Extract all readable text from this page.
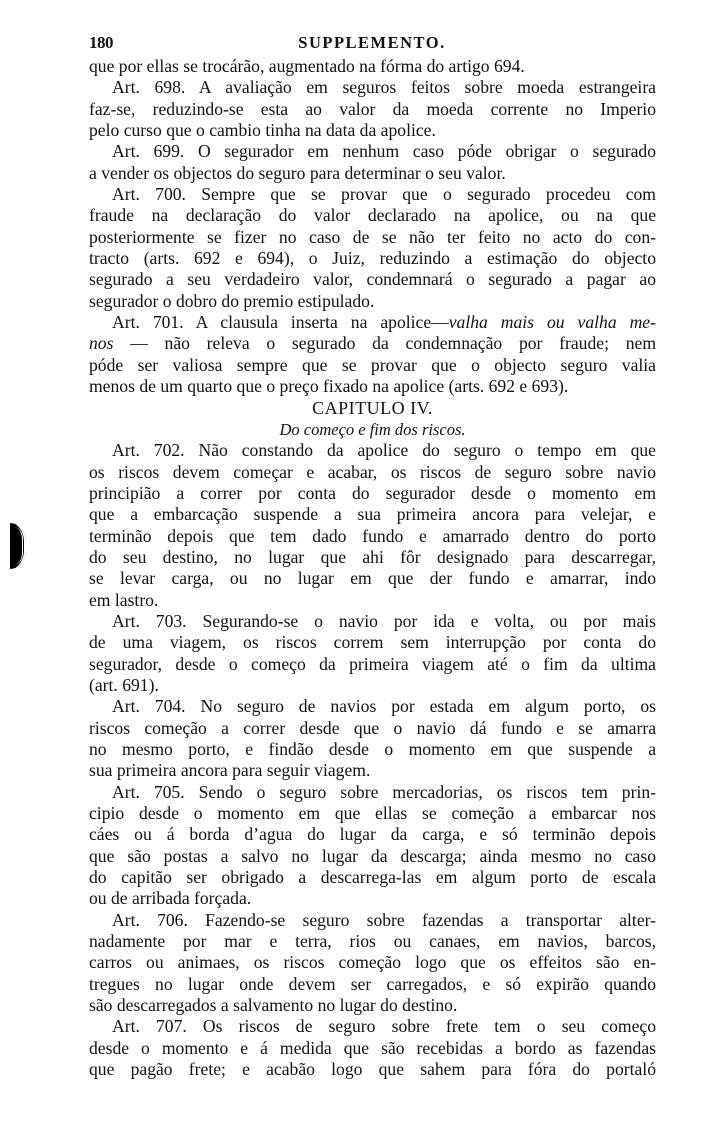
180	SUPPLEMENTO.
que por ellas se trocárão, augmentado na fórma do artigo 694.
Art. 698. A avaliação em seguros feitos sobre moeda estrangeira
faz-se, reduzindo-se esta ao valor da moeda corrente no Imperio
pelo curso que o cambio tinha na data da apolice.
Art. 699. O segurador em nenhum caso póde obrigar o segurado
a vender os objectos do seguro para determinar o seu valor.
Art. 700. Sempre que se provar que o segurado procedeu com
fraude na declaração do valor declarado na apolice, ou na que
posteriormente se fizer no caso de se não ter feito no acto do con-
tracto (arts. 692 e 694), o Juiz, reduzindo a estimação do objecto
segurado a seu verdadeiro valor, condemnará o segurado a pagar ao
segurador o dobro do premio estipulado.
Art. 701. A clausula inserta na apolice—valha mais ou valha me-
nos — não releva o segurado da condemnação por fraude; nem
póde ser valiosa sempre que se provar que o objecto seguro valia
menos de um quarto que o preço fixado na apolice (arts. 692 e 693).
CAPITULO IV.
Do começo e fim dos riscos.
Art. 702. Não constando da apolice do seguro o tempo em que
os riscos devem começar e acabar, os riscos de seguro sobre navio
principião a correr por conta do segurador desde o momento em
que a embarcação suspende a sua primeira ancora para velejar, e
terminão depois que tem dado fundo e amarrado dentro do porto
do seu destino, no lugar que ahi fôr designado para descarregar,
se levar carga, ou no lugar em que der fundo e amarrar, indo
em lastro.
Art. 703. Segurando-se o navio por ida e volta, ou por mais
de uma viagem, os riscos correm sem interrupção por conta do
segurador, desde o começo da primeira viagem até o fim da ultima
(art. 691).
Art. 704. No seguro de navios por estada em algum porto, os
riscos começão a correr desde que o navio dá fundo e se amarra
no mesmo porto, e findão desde o momento em que suspende a
sua primeira ancora para seguir viagem.
Art. 705. Sendo o seguro sobre mercadorias, os riscos tem prin-
cipio desde o momento em que ellas se começão a embarcar nos
cáes ou á borda d’agua do lugar da carga, e só terminão depois
que são postas a salvo no lugar da descarga; ainda mesmo no caso
do capitão ser obrigado a descarrega-las em algum porto de escala
ou de arribada forçada.
Art. 706. Fazendo-se seguro sobre fazendas a transportar alter-
nadamente por mar e terra, rios ou canaes, em navios, barcos,
carros ou animaes, os riscos começão logo que os effeitos são en-
tregues no lugar onde devem ser carregados, e só expirão quando
são descarregados a salvamento no lugar do destino.
Art. 707. Os riscos de seguro sobre frete tem o seu começo
desde o momento e á medida que são recebidas a bordo as fazendas
que pagão frete; e acabão logo que sahem para fóra do portaló
